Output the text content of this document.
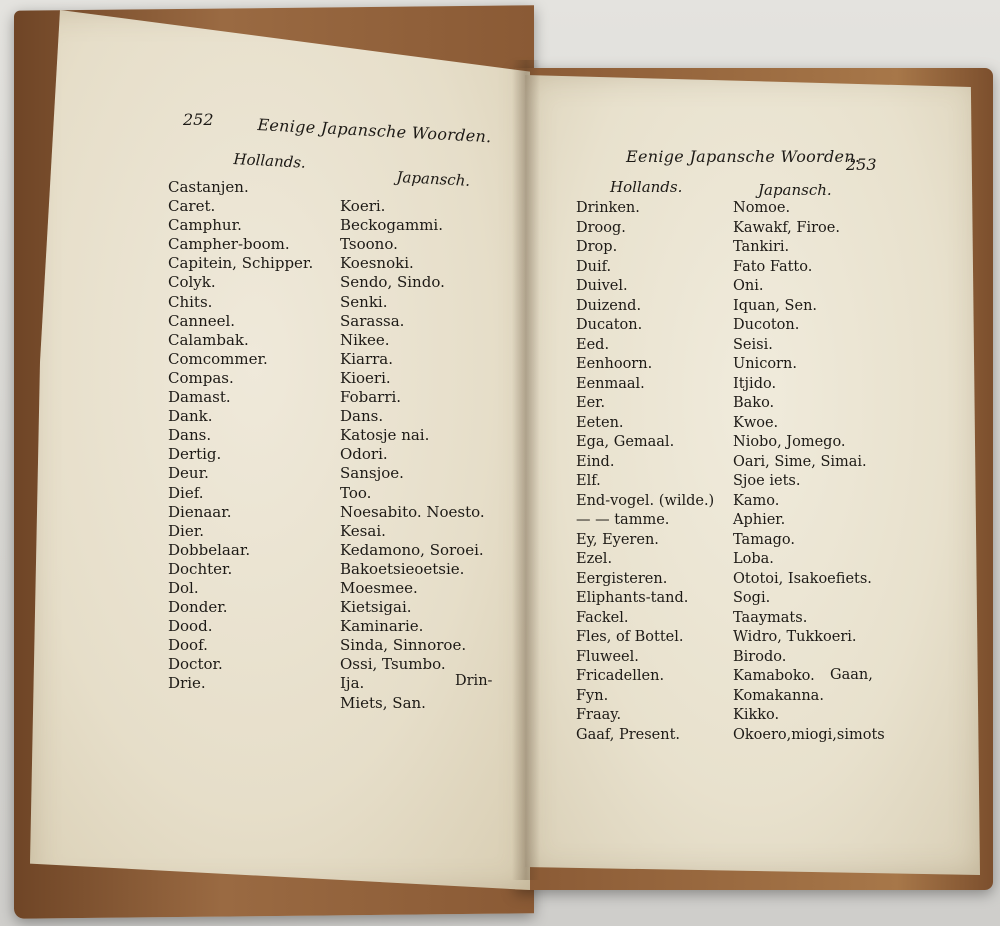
252	Eenige Japansche Woorden.
Hollands.
Japansch.
Castanjen.
Caret.
Camphur.
Campher-boom.
Capitein, Schipper.
Colyk.
Chits.
Canneel.
Calambak.
Comcommer.
Compas.
Damast.
Dank.
Dans.
Dertig.
Deur.
Dief.
Dienaar.
Dier.
Dobbelaar.
Dochter.
Dol.
Donder.
Dood.
Doof.
Doctor.
Drie.

Koeri.
Beckogammi.
Tsoono.
Koesnoki.
Sendo, Sindo.
Senki.
Sarassa.
Nikee.
Kiarra.
Kioeri.
Fobarri.
Dans.
Katosje nai.
Odori.
Sansjoe.
Too.
Noesabito. Noesto.
Kesai.
Kedamono, Soroei.
Bakoetsieoetsie.
Moesmee.
Kietsigai.
Kaminarie.
Sinda, Sinnoroe.
Ossi, Tsumbo.
Ija.
Miets, San.
Drin-
Eenige Japansche Woorden.
253
Hollands.	Japansch.
Drinken.
Droog.
Drop.
Duif.
Duivel.
Duizend.
Ducaton.
Eed.
Eenhoorn.
Eenmaal.
Eer.
Eeten.
Ega, Gemaal.
Eind.
Elf.
End-vogel. (wilde.)
— — tamme.
Ey, Eyeren.
Ezel.
Eergisteren.
Eliphants-tand.
Fackel.
Fles, of Bottel.
Fluweel.
Fricadellen.
Fyn.
Fraay.
Gaaf, Present.
Nomoe.
Kawakf, Firoe.
Tankiri.
Fato Fatto.
Oni.
Iquan, Sen.
Ducoton.
Seisi.
Unicorn.
Itjido.
Bako.
Kwoe.
Niobo, Jomego.
Oari, Sime, Simai.
Sjoe iets.
Kamo.
Aphier.
Tamago.
Loba.
Ototoi, Isakoefiets.
Sogi.
Taaymats.
Widro, Tukkoeri.
Birodo.
Kamaboko.
Komakanna.
Kikko.
Okoero,miogi,simots
Gaan,
